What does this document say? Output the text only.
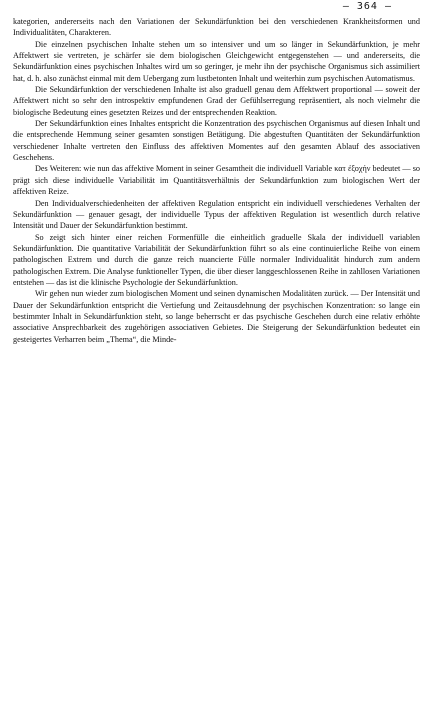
— 364 —

kategorien, andererseits nach den Variationen der Sekundärfunktion bei den verschiedenen Krankheitsformen und Individualitäten, Charakteren.

Die einzelnen psychischen Inhalte stehen um so intensiver und um so länger in Sekundärfunktion, je mehr Affektwert sie vertreten, je schärfer sie dem biologischen Gleichgewicht entgegenstehen — und andererseits, die Sekundärfunktion eines psychischen Inhaltes wird um so geringer, je mehr ihn der psychische Organismus sich assimiliert hat, d. h. also zunächst einmal mit dem Uebergang zum lustbetonten Inhalt und weiterhin zum psychischen Automatismus.

Die Sekundärfunktion der verschiedenen Inhalte ist also graduell genau dem Affektwert proportional — soweit der Affektwert nicht so sehr den introspektiv empfundenen Grad der Gefühlserregung repräsentiert, als noch vielmehr die biologische Bedeutung eines gesetzten Reizes und der entsprechenden Reaktion.

Der Sekundärfunktion eines Inhaltes entspricht die Konzentration des psychischen Organismus auf diesen Inhalt und die entsprechende Hemmung seiner gesamten sonstigen Betätigung. Die abgestuften Quantitäten der Sekundärfunktion verschiedener Inhalte vertreten den Einfluss des affektiven Momentes auf den gesamten Ablauf des associativen Geschehens.

Des Weiteren: wie nun das affektive Moment in seiner Gesamtheit die individuell Variable κατ ἐξοχήν bedeutet — so prägt sich diese individuelle Variabilität im Quantitätsverhältnis der Sekundärfunktion zum biologischen Wert der affektiven Reize.

Den Individualverschiedenheiten der affektiven Regulation entspricht ein individuell verschiedenes Verhalten der Sekundärfunktion — genauer gesagt, der individuelle Typus der affektiven Regulation ist wesentlich durch relative Intensität und Dauer der Sekundärfunktion bestimmt.

So zeigt sich hinter einer reichen Formenfülle die einheitlich graduelle Skala der individuell variablen Sekundärfunktion. Die quantitative Variabilität der Sekundärfunktion führt so als eine continuierliche Reihe von einem pathologischen Extrem und durch die ganze reich nuancierte Fülle normaler Individualität hindurch zum andern pathologischen Extrem. Die Analyse funktioneller Typen, die über dieser langgeschlossenen Reihe in zahllosen Variationen entstehen — das ist die klinische Psychologie der Sekundärfunktion.

Wir gehen nun wieder zum biologischen Moment und seinen dynamischen Modalitäten zurück. — Der Intensität und Dauer der Sekundärfunktion entspricht die Vertiefung und Zeitausdehnung der psychischen Konzentration: so lange ein bestimmter Inhalt in Sekundärfunktion steht, so lange beherrscht er das psychische Geschehen durch eine relativ erhöhte associative Ansprechbarkeit des zugehörigen associativen Gebietes. Die Steigerung der Sekundärfunktion bedeutet ein gesteigertes Verharren beim „Thema“, die Minde-
